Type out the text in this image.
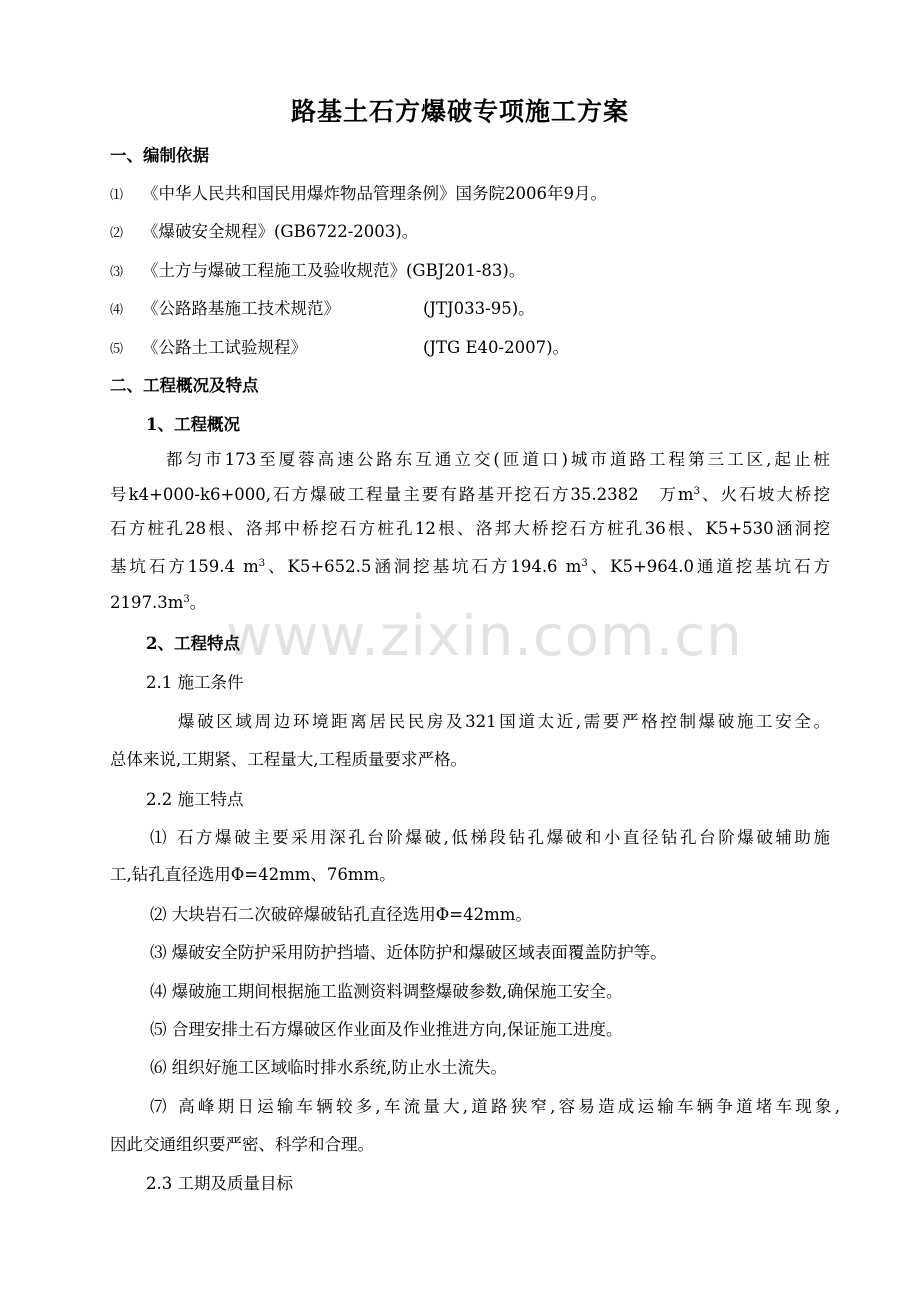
路基土石方爆破专项施工方案
一、编制依据
⑴ 《中华人民共和国民用爆炸物品管理条例》国务院2006年9月。
⑵ 《爆破安全规程》(GB6722-2003)。
⑶ 《土方与爆破工程施工及验收规范》(GBJ201-83)。
⑷ 《公路路基施工技术规范》	(JTJ033-95)。
⑸ 《公路土工试验规程》	(JTG E40-2007)。
二、工程概况及特点
1、工程概况
都匀市173至厦蓉高速公路东互通立交(匝道口)城市道路工程第三工区,起止桩
号k4+000-k6+000,石方爆破工程量主要有路基开挖石方35.2382　万$m^3$、火石坡大桥挖
石方桩孔28根、洛邦中桥挖石方桩孔12根、洛邦大桥挖石方桩孔36根、K5+530涵洞挖
基坑石方159.4 $m^3$、K5+652.5涵洞挖基坑石方194.6 $m^3$、K5+964.0通道挖基坑石方
$2197.3m^3$。
www.zixin.com.cn
2、工程特点
2.1 施工条件
爆破区域周边环境距离居民民房及321国道太近,需要严格控制爆破施工安全。
总体来说,工期紧、工程量大,工程质量要求严格。
2.2 施工特点
⑴ 石方爆破主要采用深孔台阶爆破,低梯段钻孔爆破和小直径钻孔台阶爆破辅助施
工,钻孔直径选用Φ=42mm、76mm。
⑵ 大块岩石二次破碎爆破钻孔直径选用Φ=42mm。
⑶ 爆破安全防护采用防护挡墙、近体防护和爆破区域表面覆盖防护等。
⑷ 爆破施工期间根据施工监测资料调整爆破参数,确保施工安全。
⑸ 合理安排土石方爆破区作业面及作业推进方向,保证施工进度。
⑹ 组织好施工区域临时排水系统,防止水土流失。
⑺ 高峰期日运输车辆较多,车流量大,道路狭窄,容易造成运输车辆争道堵车现象,
因此交通组织要严密、科学和合理。
2.3 工期及质量目标
